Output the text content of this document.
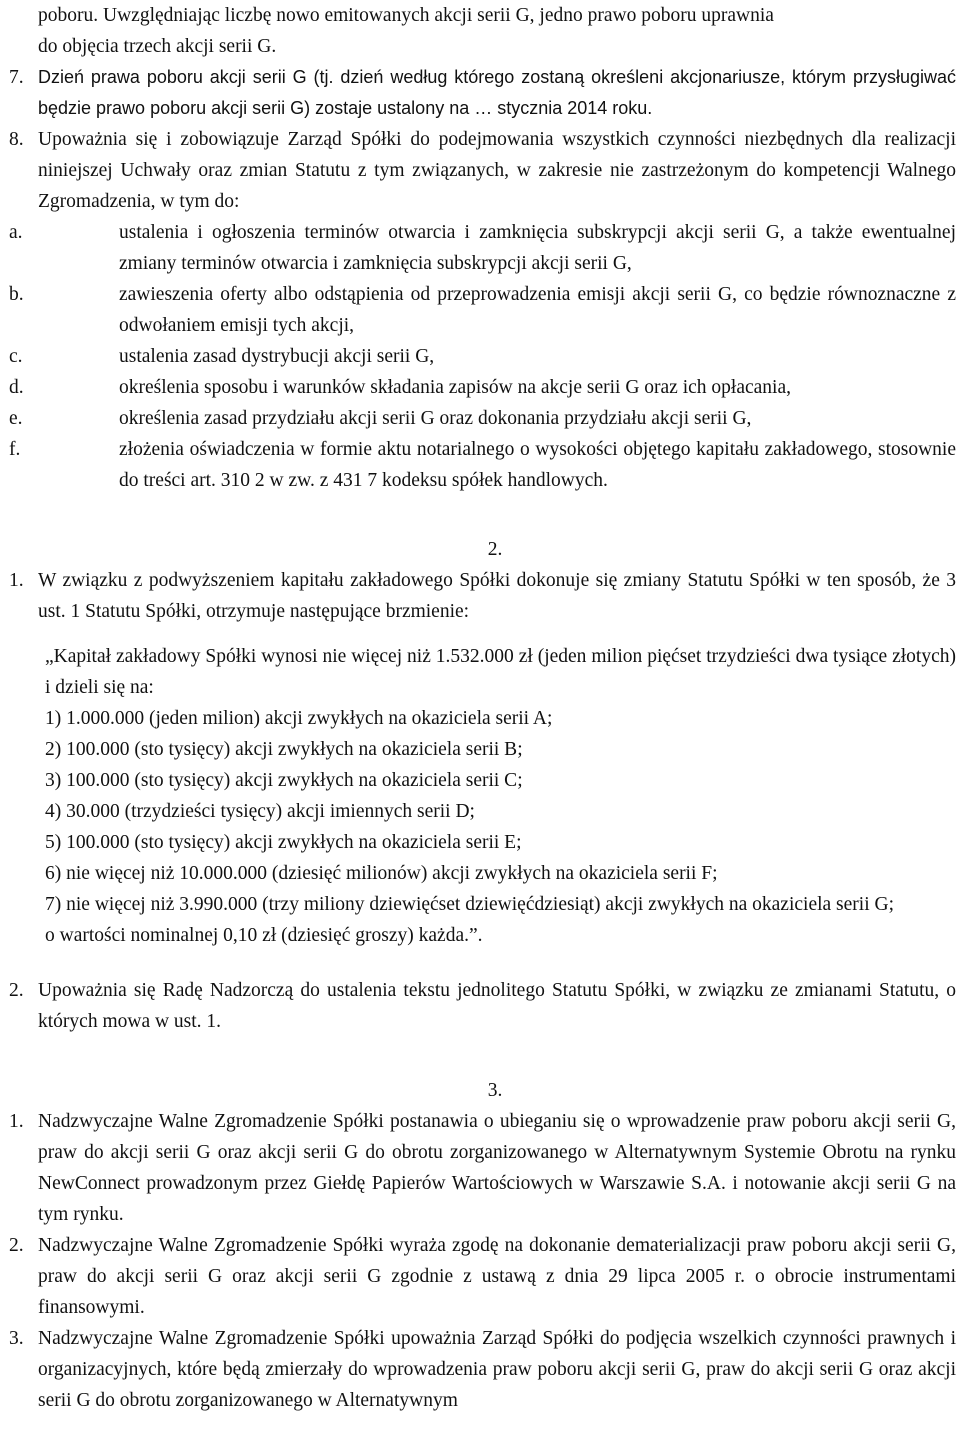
poboru. Uwzględniając liczbę nowo emitowanych akcji serii G, jedno prawo poboru uprawnia
do objęcia trzech akcji serii G.
7. Dzień prawa poboru akcji serii G (tj. dzień według którego zostaną określeni akcjonariusze, którym przysługiwać będzie prawo poboru akcji serii G) zostaje ustalony na … stycznia 2014 roku.
8. Upoważnia się i zobowiązuje Zarząd Spółki do podejmowania wszystkich czynności niezbędnych dla realizacji niniejszej Uchwały oraz zmian Statutu z tym związanych, w zakresie nie zastrzeżonym do kompetencji Walnego Zgromadzenia, w tym do:
a.	ustalenia i ogłoszenia terminów otwarcia i zamknięcia subskrypcji akcji serii G, a także ewentualnej zmiany terminów otwarcia i zamknięcia subskrypcji akcji serii G,
b.	zawieszenia oferty albo odstąpienia od przeprowadzenia emisji akcji serii G, co będzie równoznaczne z odwołaniem emisji tych akcji,
c.	ustalenia zasad dystrybucji akcji serii G,
d.	określenia sposobu i warunków składania zapisów na akcje serii G oraz ich opłacania,
e.	określenia zasad przydziału akcji serii G oraz dokonania przydziału akcji serii G,
f.	złożenia oświadczenia w formie aktu notarialnego o wysokości objętego kapitału zakładowego, stosownie do treści art. 310 2 w zw. z 431 7 kodeksu spółek handlowych.
2.
1. W związku z podwyższeniem kapitału zakładowego Spółki dokonuje się zmiany Statutu Spółki w ten sposób, że 3 ust. 1 Statutu Spółki, otrzymuje następujące brzmienie:
„Kapitał zakładowy Spółki wynosi nie więcej niż 1.532.000 zł (jeden milion pięćset trzydzieści dwa tysiące złotych) i dzieli się na:
1) 1.000.000 (jeden milion) akcji zwykłych na okaziciela serii A;
2) 100.000 (sto tysięcy) akcji zwykłych na okaziciela serii B;
3) 100.000 (sto tysięcy) akcji zwykłych na okaziciela serii C;
4) 30.000 (trzydzieści tysięcy) akcji imiennych serii D;
5) 100.000 (sto tysięcy) akcji zwykłych na okaziciela serii E;
6) nie więcej niż 10.000.000 (dziesięć milionów) akcji zwykłych na okaziciela serii F;
7) nie więcej niż 3.990.000 (trzy miliony dziewięćset dziewięćdziesiąt) akcji zwykłych na okaziciela serii G;
o wartości nominalnej 0,10 zł (dziesięć groszy) każda.”.
2. Upoważnia się Radę Nadzorczą do ustalenia tekstu jednolitego Statutu Spółki, w związku ze zmianami Statutu, o których mowa w ust. 1.
3.
1. Nadzwyczajne Walne Zgromadzenie Spółki postanawia o ubieganiu się o wprowadzenie praw poboru akcji serii G, praw do akcji serii G oraz akcji serii G do obrotu zorganizowanego w Alternatywnym Systemie Obrotu na rynku NewConnect prowadzonym przez Giełdę Papierów Wartościowych w Warszawie S.A. i notowanie akcji serii G na tym rynku.
2. Nadzwyczajne Walne Zgromadzenie Spółki wyraża zgodę na dokonanie dematerializacji praw poboru akcji serii G, praw do akcji serii G oraz akcji serii G zgodnie z ustawą z dnia 29 lipca 2005 r. o obrocie instrumentami finansowymi.
3. Nadzwyczajne Walne Zgromadzenie Spółki upoważnia Zarząd Spółki do podjęcia wszelkich czynności prawnych i organizacyjnych, które będą zmierzały do wprowadzenia praw poboru akcji serii G, praw do akcji serii G oraz akcji serii G do obrotu zorganizowanego w Alternatywnym
